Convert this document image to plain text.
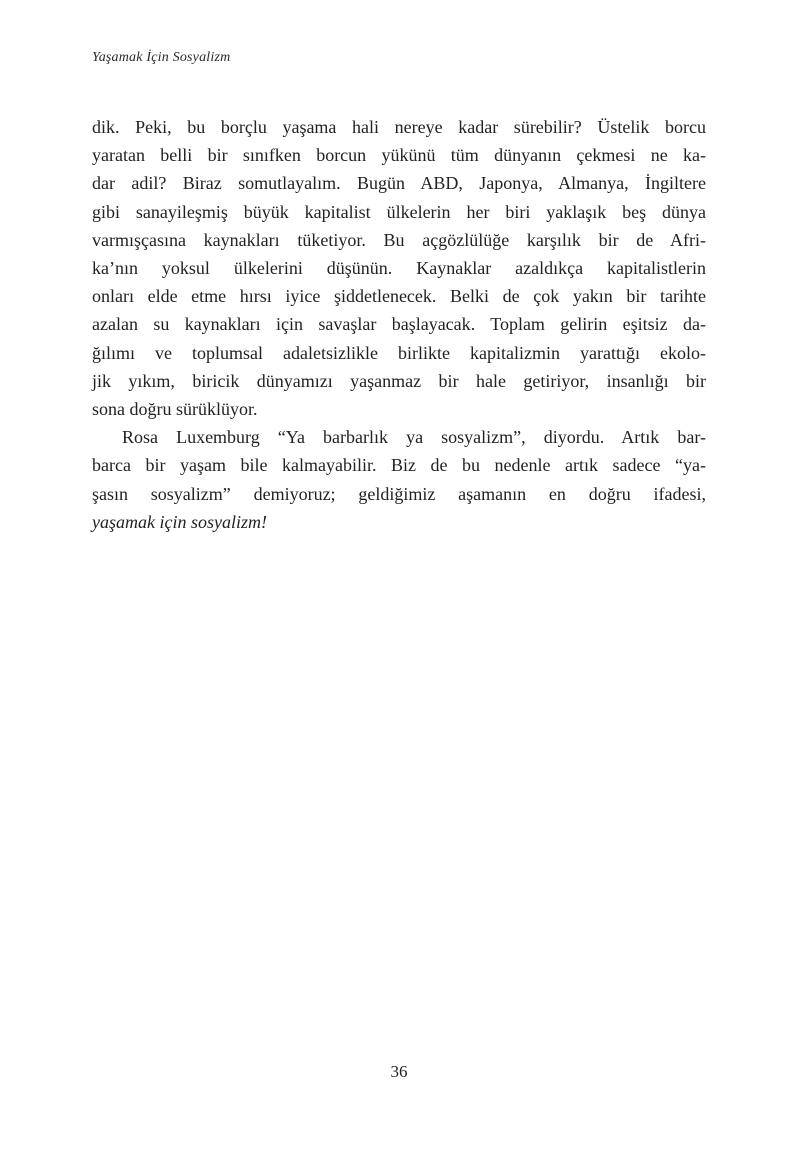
Yaşamak İçin Sosyalizm
dik. Peki, bu borçlu yaşama hali nereye kadar sürebilir? Üstelik borcu
yaratan belli bir sınıfken borcun yükünü tüm dünyanın çekmesi ne ka-
dar adil? Biraz somutlayalım. Bugün ABD, Japonya, Almanya, İngiltere
gibi sanayileşmiş büyük kapitalist ülkelerin her biri yaklaşık beş dünya
varmışçasına kaynakları tüketiyor. Bu açgözlülüğe karşılık bir de Afri-
ka’nın yoksul ülkelerini düşünün. Kaynaklar azaldıkça kapitalistlerin
onları elde etme hırsı iyice şiddetlenecek. Belki de çok yakın bir tarihte
azalan su kaynakları için savaşlar başlayacak. Toplam gelirin eşitsiz da-
ğılımı ve toplumsal adaletsizlikle birlikte kapitalizmin yarattığı ekolo-
jik yıkım, biricik dünyamızı yaşanmaz bir hale getiriyor, insanlığı bir
sona doğru sürüklüyor.
Rosa Luxemburg “Ya barbarlık ya sosyalizm”, diyordu. Artık bar-
barca bir yaşam bile kalmayabilir. Biz de bu nedenle artık sadece “ya-
şasın sosyalizm” demiyoruz; geldiğimiz aşamanın en doğru ifadesi,
yaşamak için sosyalizm!
36
